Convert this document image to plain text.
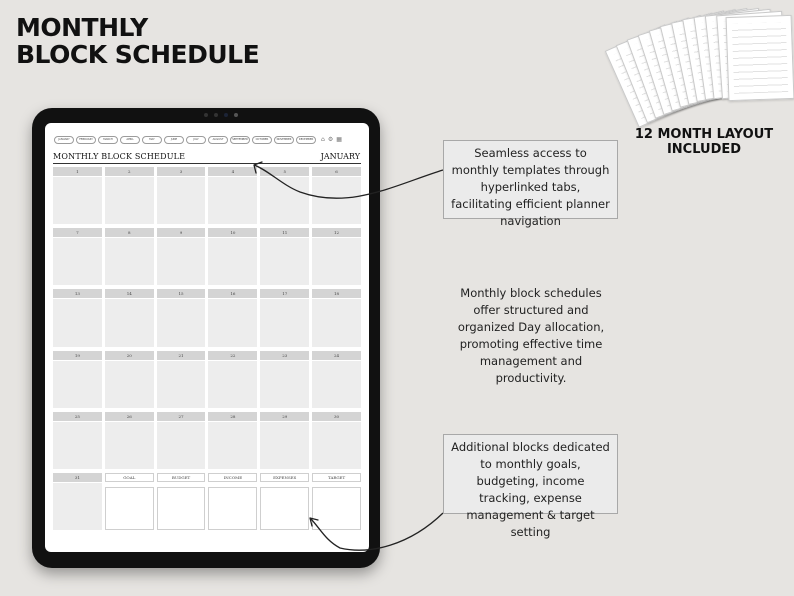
MONTHLY
BLOCK SCHEDULE

12 MONTH LAYOUT
INCLUDED

JANUARY	FEBRUARY	MARCH	APRIL	MAY	JUNE	JULY	AUGUST	SEPTEMBER	OCTOBER	NOVEMBER	DECEMBER	⌂ ⚙ ▦
MONTHLY BLOCK SCHEDULE	JANUARY
1	2	3	4	5	6
7	8	9	10	11	12
13	14	15	16	17	18
19	20	21	22	23	24
25	26	27	28	29	30
31	GOAL	BUDGET	INCOME	EXPENSES	TARGET
Seamless access to monthly templates through hyperlinked tabs, facilitating efficient planner navigation
Monthly block schedules offer structured and organized Day allocation, promoting effective time management and productivity.
Additional blocks dedicated to monthly goals, budgeting, income tracking, expense management & target setting
